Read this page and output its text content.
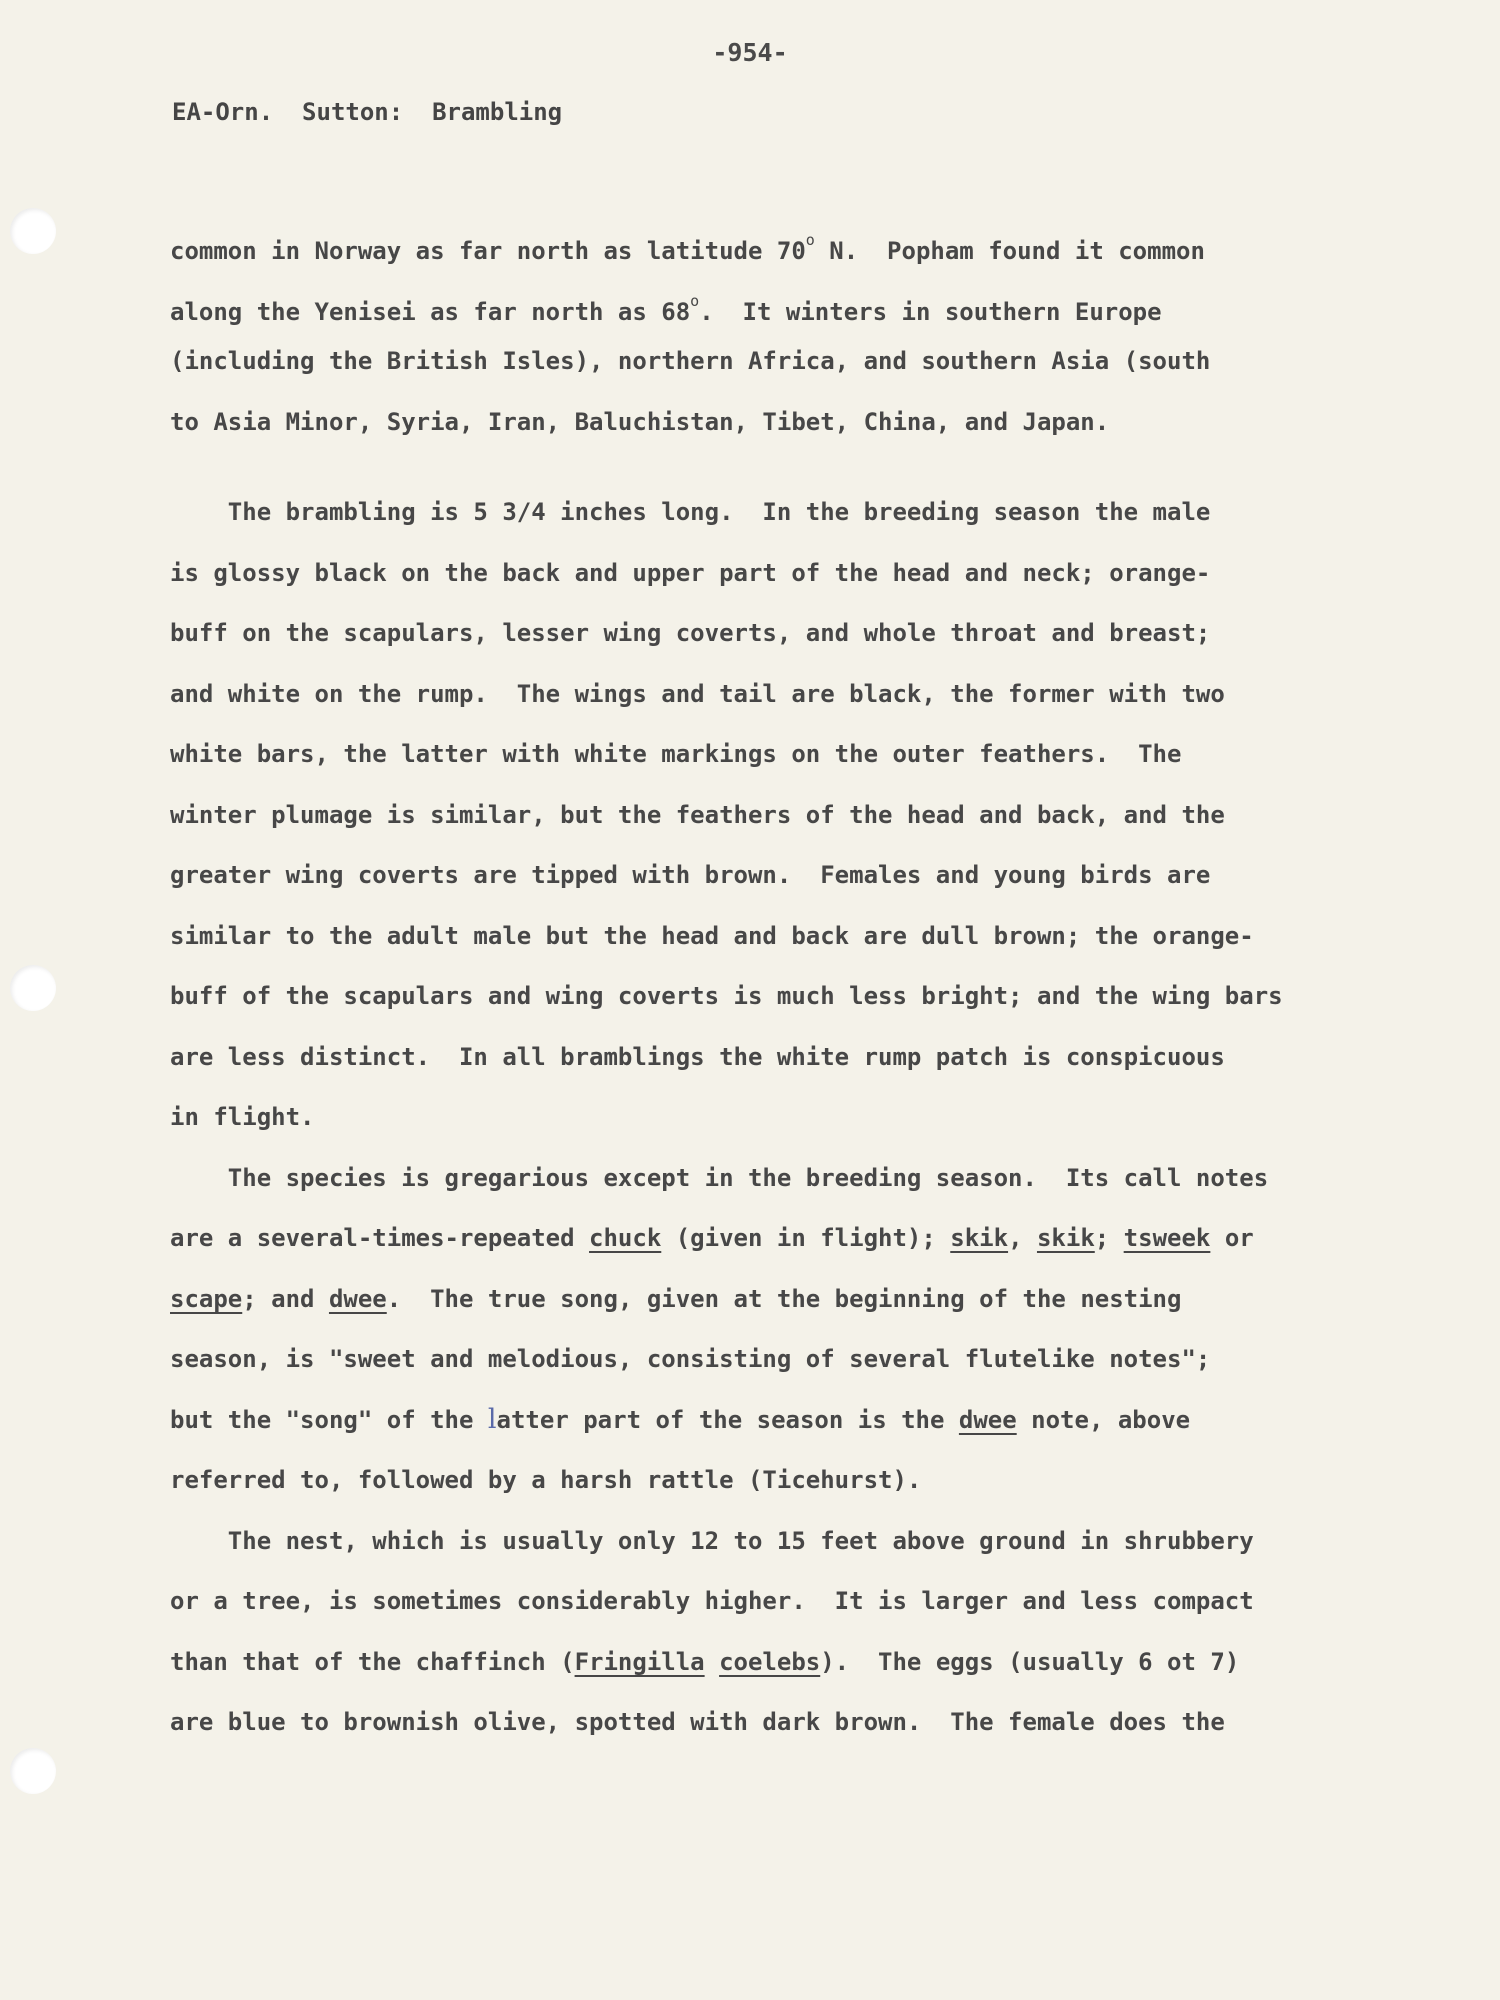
-954-
EA-Orn.  Sutton:  Brambling
common in Norway as far north as latitude 70$^o$ N.  Popham found it common
along the Yenisei as far north as 68$^o$.  It winters in southern Europe
(including the British Isles), northern Africa, and southern Asia (south
to Asia Minor, Syria, Iran, Baluchistan, Tibet, China, and Japan.
The brambling is 5 3/4 inches long.  In the breeding season the male
is glossy black on the back and upper part of the head and neck; orange-
buff on the scapulars, lesser wing coverts, and whole throat and breast;
and white on the rump.  The wings and tail are black, the former with two
white bars, the latter with white markings on the outer feathers.  The
winter plumage is similar, but the feathers of the head and back, and the
greater wing coverts are tipped with brown.  Females and young birds are
similar to the adult male but the head and back are dull brown; the orange-
buff of the scapulars and wing coverts is much less bright; and the wing bars
are less distinct.  In all bramblings the white rump patch is conspicuous
in flight.
The species is gregarious except in the breeding season.  Its call notes
are a several-times-repeated chuck (given in flight); skik, skik; tsweek or
scape; and dwee.  The true song, given at the beginning of the nesting
season, is "sweet and melodious, consisting of several flutelike notes";
but the "song" of the latter part of the season is the dwee note, above
referred to, followed by a harsh rattle (Ticehurst).
The nest, which is usually only 12 to 15 feet above ground in shrubbery
or a tree, is sometimes considerably higher.  It is larger and less compact
than that of the chaffinch (Fringilla coelebs).  The eggs (usually 6 ot 7)
are blue to brownish olive, spotted with dark brown.  The female does the
